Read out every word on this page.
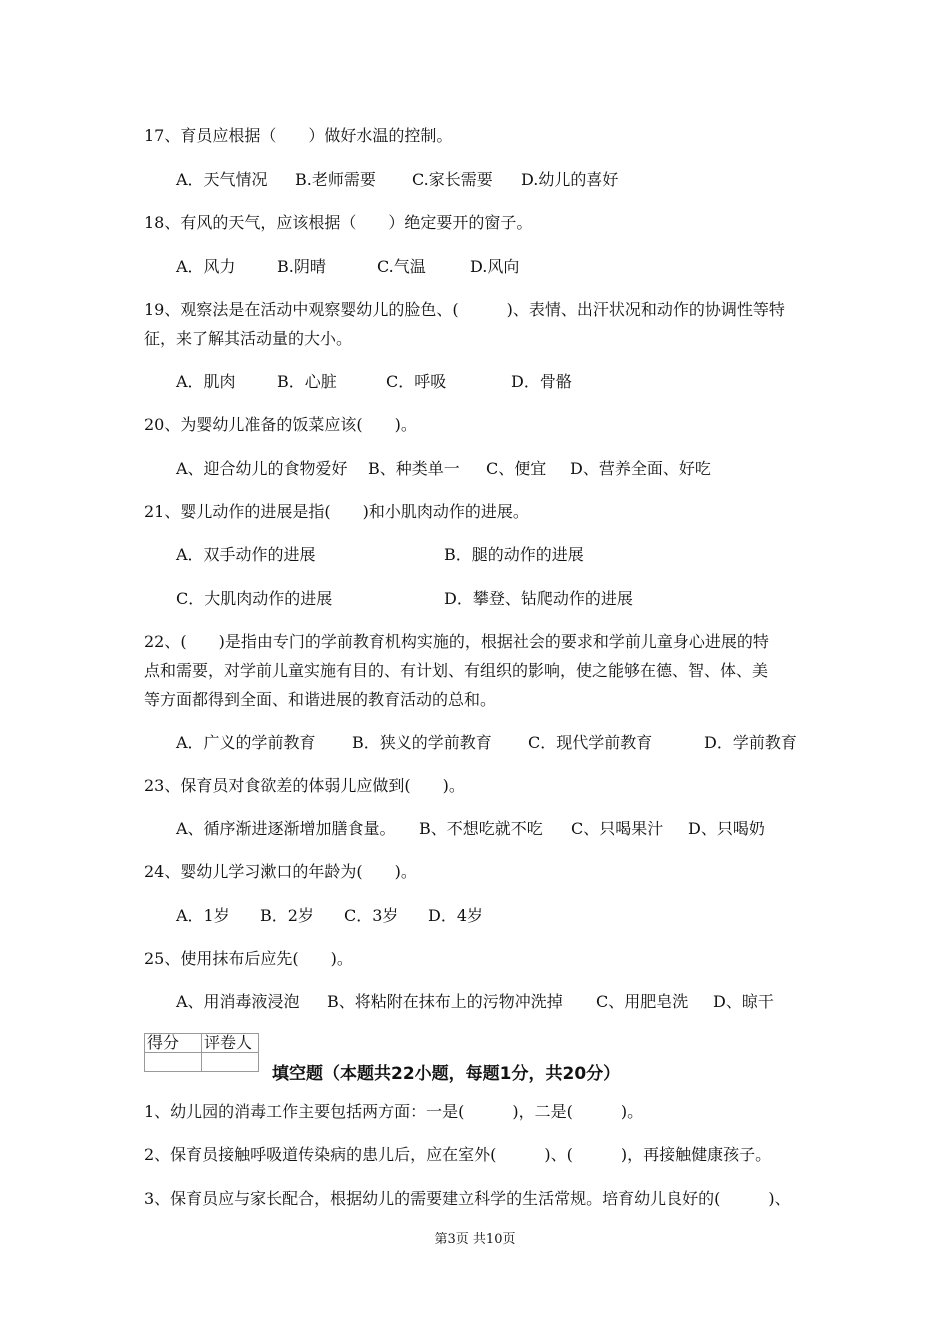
17、育员应根据（　　）做好水温的控制。
A．天气情况 B.老师需要 C.家长需要 D.幼儿的喜好
18、有风的天气，应该根据（　　）绝定要开的窗子。
A．风力	B.阴晴	C.气温	D.风向
19、观察法是在活动中观察婴幼儿的脸色、(　　　)、表情、出汗状况和动作的协调性等特
征，来了解其活动量的大小。
A．肌肉	B．心脏	C．呼吸	D．骨骼
20、为婴幼儿准备的饭菜应该(　　)。
A、迎合幼儿的食物爱好 B、种类单一 C、便宜 D、营养全面、好吃
21、婴儿动作的进展是指(　　)和小肌肉动作的进展。
A．双手动作的进展	B．腿的动作的进展
C．大肌肉动作的进展	D．攀登、钻爬动作的进展
22、(　　)是指由专门的学前教育机构实施的，根据社会的要求和学前儿童身心进展的特
点和需要，对学前儿童实施有目的、有计划、有组织的影响，使之能够在德、智、体、美
等方面都得到全面、和谐进展的教育活动的总和。
A．广义的学前教育 B．狭义的学前教育 C．现代学前教育	D．学前教育
23、保育员对食欲差的体弱儿应做到(　　)。
A、循序渐进逐渐增加膳食量。 B、不想吃就不吃 C、只喝果汁 D、只喝奶
24、婴幼儿学习漱口的年龄为(　　)。
A．1岁 B．2岁 C．3岁 D．4岁
25、使用抹布后应先(　　)。
A、用消毒液浸泡 B、将粘附在抹布上的污物冲洗掉 C、用肥皂洗 D、晾干
得分	评卷人

填空题（本题共22小题，每题1分，共20分）
1、幼儿园的消毒工作主要包括两方面：一是(　　　)，二是(　　　)。
2、保育员接触呼吸道传染病的患儿后，应在室外(　　　)、(　　　)，再接触健康孩子。
3、保育员应与家长配合，根据幼儿的需要建立科学的生活常规。培育幼儿良好的(　　　)、
第3页 共10页
